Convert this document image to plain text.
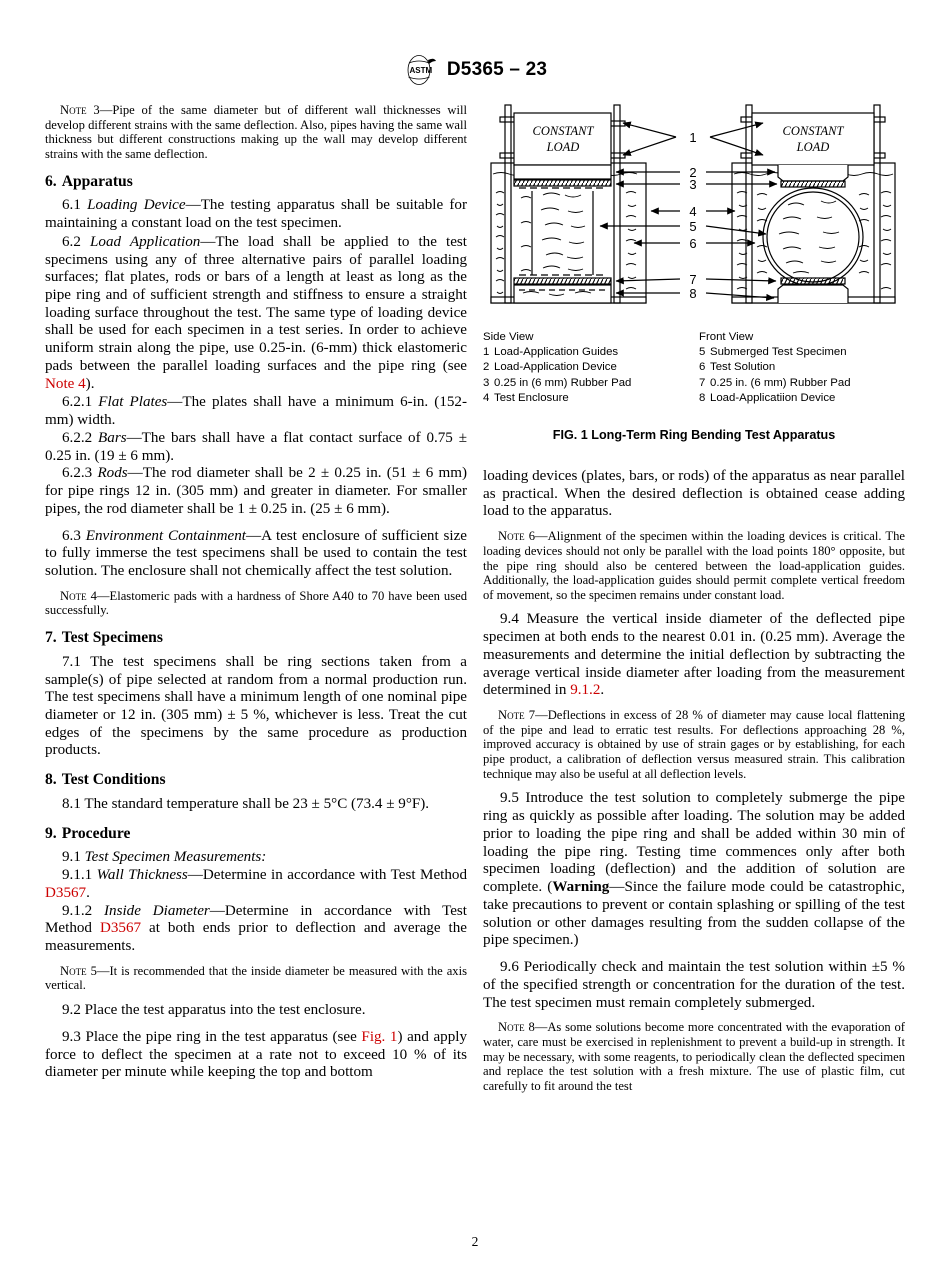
ASTM D5365 – 23

Note 3—Pipe of the same diameter but of different wall thicknesses will develop different strains with the same deflection. Also, pipes having the same wall thickness but different constructions making up the wall may develop different strains with the same deflection.

6. Apparatus

6.1 Loading Device—The testing apparatus shall be suitable for maintaining a constant load on the test specimen.

6.2 Load Application—The load shall be applied to the test specimens using any of three alternative pairs of parallel loading surfaces; flat plates, rods or bars of a length at least as long as the pipe ring and of sufficient strength and stiffness to ensure a straight loading surface throughout the test. The same type of loading device shall be used for each specimen in a test series. In order to achieve uniform strain along the pipe, use 0.25-in. (6-mm) thick elastomeric pads between the parallel loading surfaces and the pipe ring (see Note 4).

6.2.1 Flat Plates—The plates shall have a minimum 6-in. (152-mm) width.

6.2.2 Bars—The bars shall have a flat contact surface of 0.75 ± 0.25 in. (19 ± 6 mm).

6.2.3 Rods—The rod diameter shall be 2 ± 0.25 in. (51 ± 6 mm) for pipe rings 12 in. (305 mm) and greater in diameter. For smaller pipes, the rod diameter shall be 1 ± 0.25 in. (25 ± 6 mm).

6.3 Environment Containment—A test enclosure of sufficient size to fully immerse the test specimens shall be used to contain the test solution. The enclosure shall not chemically affect the test solution.

Note 4—Elastomeric pads with a hardness of Shore A40 to 70 have been used successfully.

7. Test Specimens

7.1 The test specimens shall be ring sections taken from a sample(s) of pipe selected at random from a normal production run. The test specimens shall have a minimum length of one nominal pipe diameter or 12 in. (305 mm) ± 5 %, whichever is less. Treat the cut edges of the specimens by the same procedure as production products.

8. Test Conditions

8.1 The standard temperature shall be 23 ± 5°C (73.4 ± 9°F).

9. Procedure

9.1 Test Specimen Measurements:

9.1.1 Wall Thickness—Determine in accordance with Test Method D3567.

9.1.2 Inside Diameter—Determine in accordance with Test Method D3567 at both ends prior to deflection and average the measurements.

Note 5—It is recommended that the inside diameter be measured with the axis vertical.

9.2 Place the test apparatus into the test enclosure.

9.3 Place the pipe ring in the test apparatus (see Fig. 1) and apply force to deflect the specimen at a rate not to exceed 10 % of its diameter per minute while keeping the top and bottom

1
2
3
4
5
6
7
8
CONSTANT
LOAD
CONSTANT
LOAD
Side View
1 Load-Application Guides
2 Load-Application Device
3 0.25 in (6 mm) Rubber Pad
4 Test Enclosure
Front View
5 Submerged Test Specimen
6 Test Solution
7 0.25 in. (6 mm) Rubber Pad
8 Load-Applicatiion Device
FIG. 1 Long-Term Ring Bending Test Apparatus

loading devices (plates, bars, or rods) of the apparatus as near parallel as practical. When the desired deflection is obtained cease adding load to the apparatus.

Note 6—Alignment of the specimen within the loading devices is critical. The loading devices should not only be parallel with the load points 180° opposite, but the pipe ring should also be centered between the load-application guides. Additionally, the load-application guides should permit complete vertical freedom of movement, so the specimen remains under constant load.

9.4 Measure the vertical inside diameter of the deflected pipe specimen at both ends to the nearest 0.01 in. (0.25 mm). Average the measurements and determine the initial deflection by subtracting the average vertical inside diameter after loading from the measurement determined in 9.1.2.

Note 7—Deflections in excess of 28 % of diameter may cause local flattening of the pipe and lead to erratic test results. For deflections approaching 28 %, improved accuracy is obtained by use of strain gages or by establishing, for each pipe product, a calibration of deflection versus measured strain. This calibration technique may also be useful at all deflection levels.

9.5 Introduce the test solution to completely submerge the pipe ring as quickly as possible after loading. The solution may be added prior to loading the pipe ring and shall be added within 30 min of loading the pipe ring. Testing time commences only after both specimen loading (deflection) and the addition of solution are complete. (Warning—Since the failure mode could be catastrophic, take precautions to prevent or contain splashing or spilling of the test solution or other damages resulting from the sudden collapse of the pipe specimen.)

9.6 Periodically check and maintain the test solution within ±5 % of the specified strength or concentration for the duration of the test. The test specimen must remain completely submerged.

Note 8—As some solutions become more concentrated with the evaporation of water, care must be exercised in replenishment to prevent a build-up in strength. It may be necessary, with some reagents, to periodically clean the deflected specimen and replace the test solution with a fresh mixture. The use of plastic film, cut carefully to fit around the test

2
